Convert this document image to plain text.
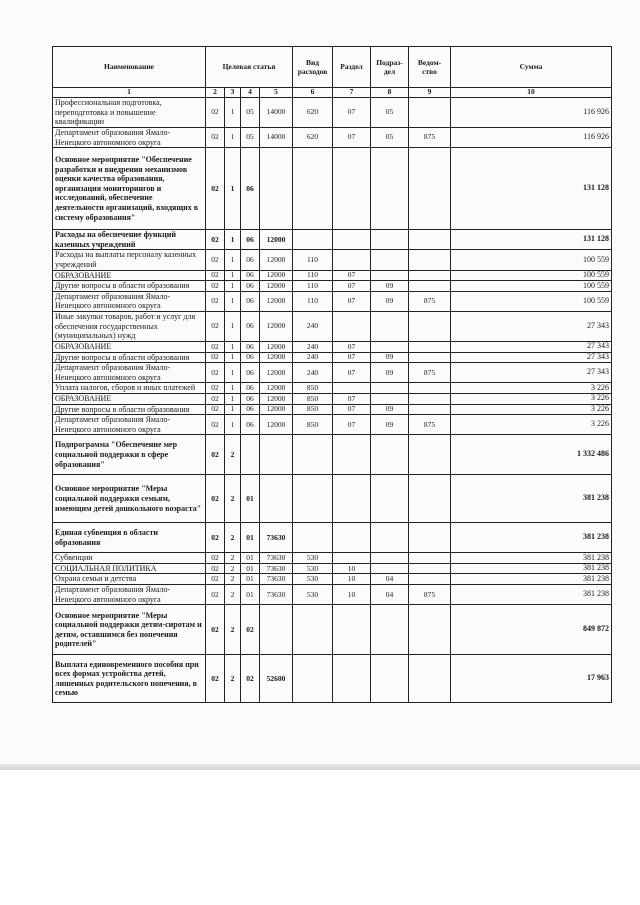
Наименование	Целевая статья				Вид расходов	Раздел	Подраз-дел	Ведом-ство	Сумма
1	2	3	4	5	6	7	8	9	10
Профессиональная подготовка, переподготовка и повышение квалификации	02	1	05	14000	620	07	05		116 926
Департамент образования Ямало-Ненецкого автономного округа	02	1	05	14000	620	07	05	875	116 926
Основное мероприятие "Обеспечение разработки и внедрения механизмов оценки качества образования, организация мониторингов и исследований, обеспечение деятельности организаций, входящих в систему образования"	02	1	06						131 128
Расходы на обеспечение функций казенных учреждений	02	1	06	12000					131 128
Расходы на выплаты персоналу казенных учреждений	02	1	06	12000	110				100 559
ОБРАЗОВАНИЕ	02	1	06	12000	110	07			100 559
Другие вопросы в области образования	02	1	06	12000	110	07	09		100 559
Департамент образования Ямало-Ненецкого автономного округа	02	1	06	12000	110	07	09	875	100 559
Иные закупки товаров, работ и услуг для обеспечения государственных (муниципальных) нужд	02	1	06	12000	240				27 343
ОБРАЗОВАНИЕ	02	1	06	12000	240	07			27 343
Другие вопросы в области образования	02	1	06	12000	240	07	09		27 343
Департамент образования Ямало-Ненецкого автономного округа	02	1	06	12000	240	07	09	875	27 343
Уплата налогов, сборов и иных платежей	02	1	06	12000	850				3 226
ОБРАЗОВАНИЕ	02	1	06	12000	850	07			3 226
Другие вопросы в области образования	02	1	06	12000	850	07	09		3 226
Департамент образования Ямало-Ненецкого автономного округа	02	1	06	12000	850	07	09	875	3 226
Подпрограмма "Обеспечение мер социальной поддержки в сфере образования"	02	2							1 332 486
Основное мероприятие "Меры социальной поддержки семьям, имеющим детей дошкольного возраста"	02	2	01						381 238
Единая субвенция в области образования	02	2	01	73630					381 238
Субвенции	02	2	01	73630	530				381 238
СОЦИАЛЬНАЯ ПОЛИТИКА	02	2	01	73630	530	10			381 238
Охрана семьи и детства	02	2	01	73630	530	10	04		381 238
Департамент образования Ямало-Ненецкого автономного округа	02	2	01	73630	530	10	04	875	381 238
Основное мероприятие "Меры социальной поддержки детям-сиротам и детям, оставшимся без попечения родителей"	02	2	02						849 872
Выплата единовременного пособия при всех формах устройства детей, лишенных родительского попечения, в семью	02	2	02	52600					17 963
